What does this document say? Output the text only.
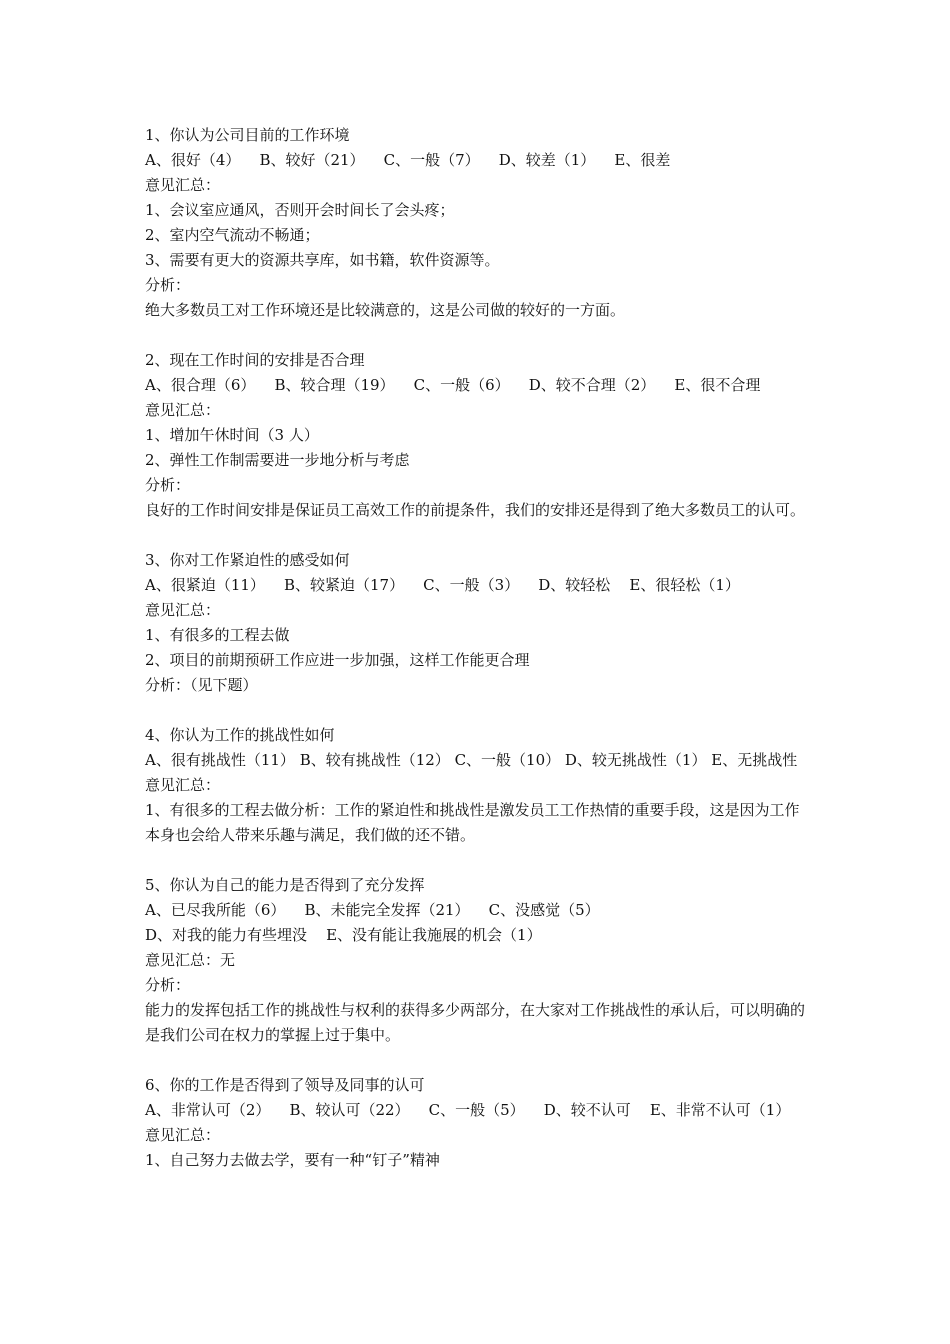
1、你认为公司目前的工作环境

A、很好（4）    B、较好（21）    C、一般（7）    D、较差（1）    E、很差

意见汇总：

1、会议室应通风，否则开会时间长了会头疼；

2、室内空气流动不畅通；

3、需要有更大的资源共享库，如书籍，软件资源等。

分析：

绝大多数员工对工作环境还是比较满意的，这是公司做的较好的一方面。

2、现在工作时间的安排是否合理

A、很合理（6）    B、较合理（19）    C、一般（6）    D、较不合理（2）    E、很不合理

意见汇总：

1、增加午休时间（3 人）

2、弹性工作制需要进一步地分析与考虑

分析：

良好的工作时间安排是保证员工高效工作的前提条件，我们的安排还是得到了绝大多数员工的认可。

3、你对工作紧迫性的感受如何

A、很紧迫（11）    B、较紧迫（17）    C、一般（3）    D、较轻松    E、很轻松（1）

意见汇总：

1、有很多的工程去做

2、项目的前期预研工作应进一步加强，这样工作能更合理

分析：（见下题）

4、你认为工作的挑战性如何

A、很有挑战性（11） B、较有挑战性（12） C、一般（10） D、较无挑战性（1） E、无挑战性

意见汇总：

1、有很多的工程去做分析：工作的紧迫性和挑战性是激发员工工作热情的重要手段，这是因为工作本身也会给人带来乐趣与满足，我们做的还不错。

5、你认为自己的能力是否得到了充分发挥

A、已尽我所能（6）    B、未能完全发挥（21）    C、没感觉（5）

D、对我的能力有些埋没    E、没有能让我施展的机会（1）

意见汇总：无

分析：

能力的发挥包括工作的挑战性与权利的获得多少两部分，在大家对工作挑战性的承认后，可以明确的是我们公司在权力的掌握上过于集中。

6、你的工作是否得到了领导及同事的认可

A、非常认可（2）    B、较认可（22）    C、一般（5）    D、较不认可    E、非常不认可（1）

意见汇总：

1、自己努力去做去学，要有一种“钉子”精神
